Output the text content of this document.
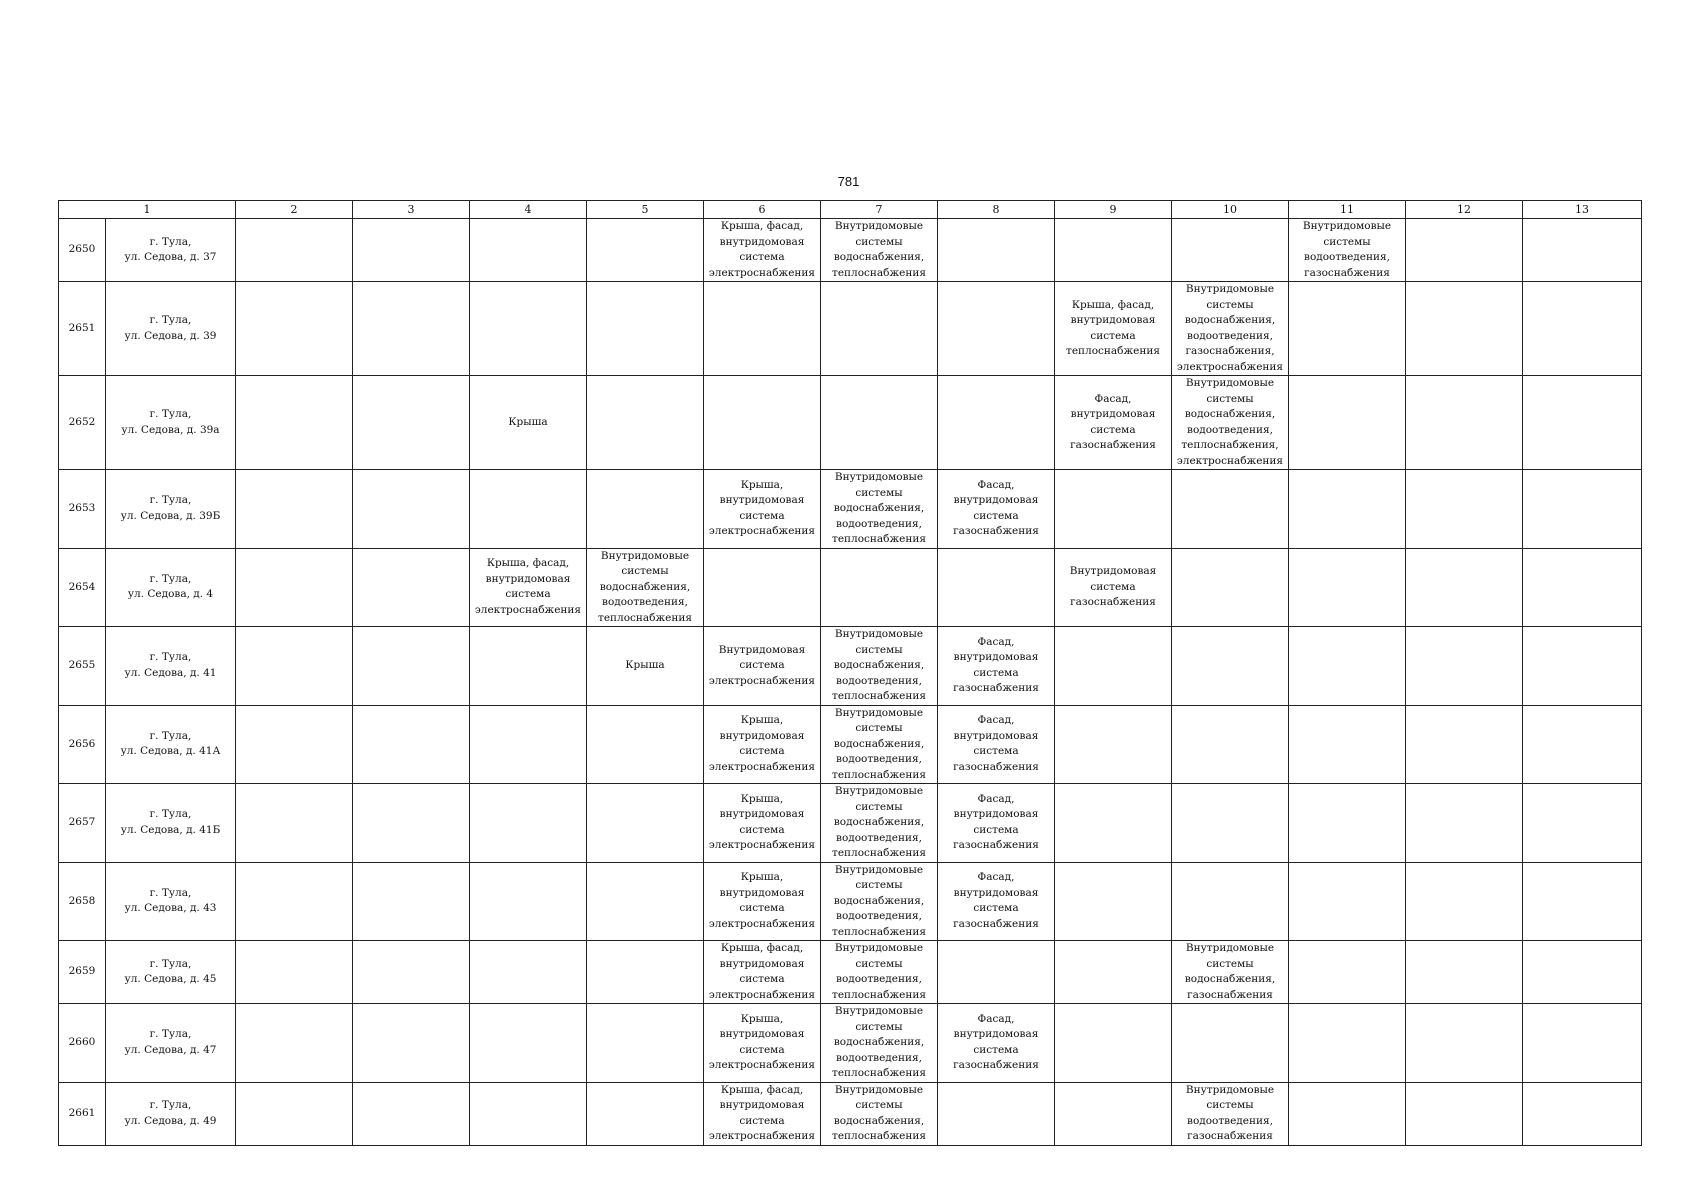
781
1		2	3	4	5	6	7	8	9	10	11	12	13
2650	г. Тула,
ул. Седова, д. 37					Крыша, фасад, внутридомовая система электроснабжения	Внутридомовые системы водоснабжения, теплоснабжения				Внутридомовые системы водоотведения, газоснабжения		
2651	г. Тула,
ул. Седова, д. 39								Крыша, фасад, внутридомовая система теплоснабжения	Внутридомовые системы водоснабжения, водоотведения, газоснабжения, электроснабжения			
2652	г. Тула,
ул. Седова, д. 39а			Крыша					Фасад, внутридомовая система газоснабжения	Внутридомовые системы водоснабжения, водоотведения, теплоснабжения, электроснабжения			
2653	г. Тула,
ул. Седова, д. 39Б					Крыша, внутридомовая система электроснабжения	Внутридомовые системы водоснабжения, водоотведения, теплоснабжения	Фасад, внутридомовая система газоснабжения					
2654	г. Тула,
ул. Седова, д. 4			Крыша, фасад, внутридомовая система электроснабжения	Внутридомовые системы водоснабжения, водоотведения, теплоснабжения				Внутридомовая система газоснабжения				
2655	г. Тула,
ул. Седова, д. 41				Крыша	Внутридомовая система электроснабжения	Внутридомовые системы водоснабжения, водоотведения, теплоснабжения	Фасад, внутридомовая система газоснабжения					
2656	г. Тула,
ул. Седова, д. 41А					Крыша, внутридомовая система электроснабжения	Внутридомовые системы водоснабжения, водоотведения, теплоснабжения	Фасад, внутридомовая система газоснабжения					
2657	г. Тула,
ул. Седова, д. 41Б					Крыша, внутридомовая система электроснабжения	Внутридомовые системы водоснабжения, водоотведения, теплоснабжения	Фасад, внутридомовая система газоснабжения					
2658	г. Тула,
ул. Седова, д. 43					Крыша, внутридомовая система электроснабжения	Внутридомовые системы водоснабжения, водоотведения, теплоснабжения	Фасад, внутридомовая система газоснабжения					
2659	г. Тула,
ул. Седова, д. 45					Крыша, фасад, внутридомовая система электроснабжения	Внутридомовые системы водоотведения, теплоснабжения			Внутридомовые системы водоснабжения, газоснабжения			
2660	г. Тула,
ул. Седова, д. 47					Крыша, внутридомовая система электроснабжения	Внутридомовые системы водоснабжения, водоотведения, теплоснабжения	Фасад, внутридомовая система газоснабжения					
2661	г. Тула,
ул. Седова, д. 49					Крыша, фасад, внутридомовая система электроснабжения	Внутридомовые системы водоснабжения, теплоснабжения			Внутридомовые системы водоотведения, газоснабжения			
